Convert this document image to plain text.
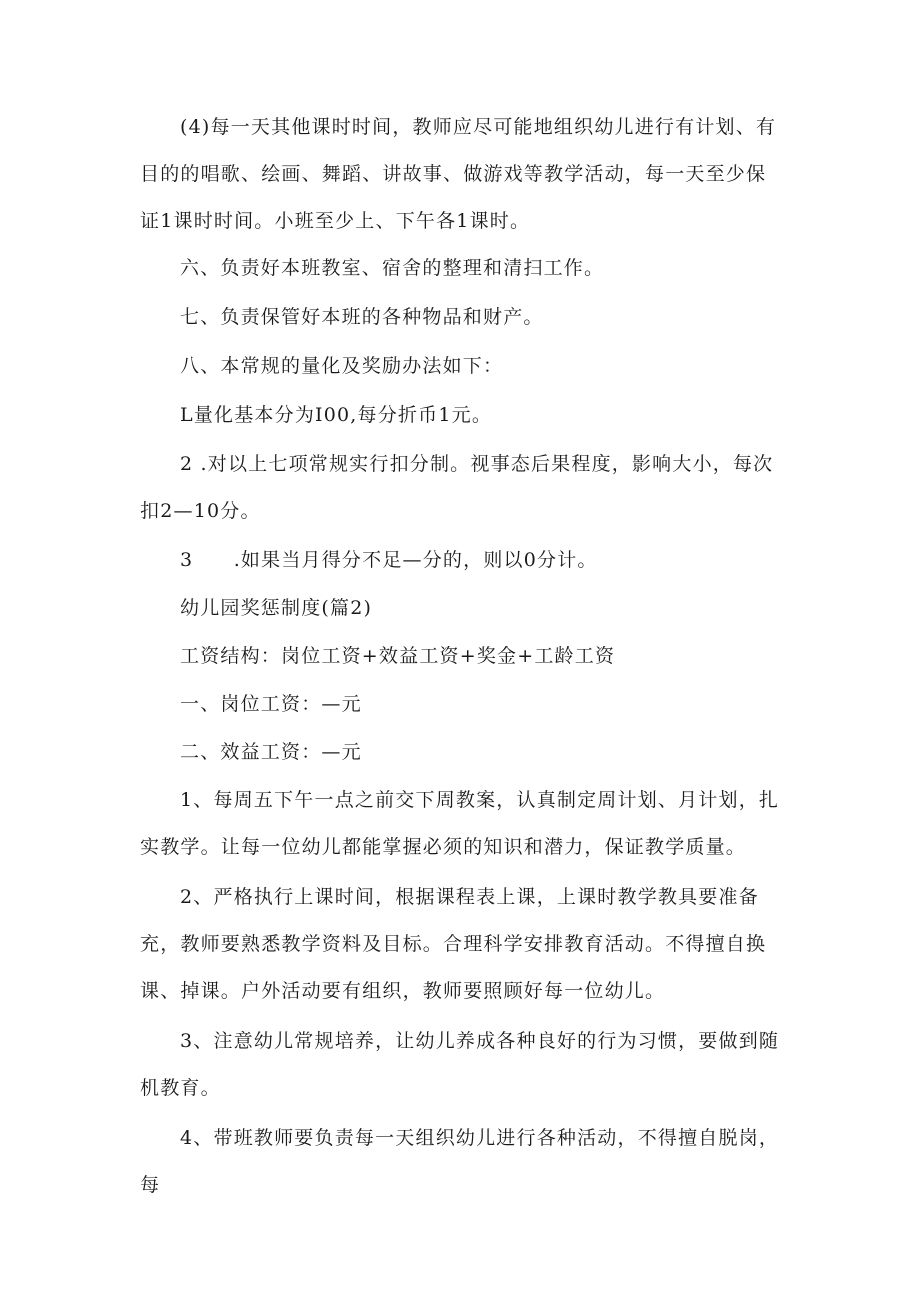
(4)每一天其他课时时间，教师应尽可能地组织幼儿进行有计划、有目的的唱歌、绘画、舞蹈、讲故事、做游戏等教学活动，每一天至少保证1课时时间。小班至少上、下午各1课时。

六、负责好本班教室、宿舍的整理和清扫工作。

七、负责保管好本班的各种物品和财产。

八、本常规的量化及奖励办法如下：

L量化基本分为I00,每分折币1元。

2 .对以上七项常规实行扣分制。视事态后果程度，影响大小，每次扣2—10分。

3　　.如果当月得分不足—分的，则以0分计。

幼儿园奖惩制度(篇2)

工资结构：岗位工资+效益工资+奖金+工龄工资

一、岗位工资：—元

二、效益工资：—元

1、每周五下午一点之前交下周教案，认真制定周计划、月计划，扎实教学。让每一位幼儿都能掌握必须的知识和潜力，保证教学质量。

2、严格执行上课时间，根据课程表上课，上课时教学教具要准备充，教师要熟悉教学资料及目标。合理科学安排教育活动。不得擅自换课、掉课。户外活动要有组织，教师要照顾好每一位幼儿。

3、注意幼儿常规培养，让幼儿养成各种良好的行为习惯，要做到随机教育。

4、带班教师要负责每一天组织幼儿进行各种活动，不得擅自脱岗，每
